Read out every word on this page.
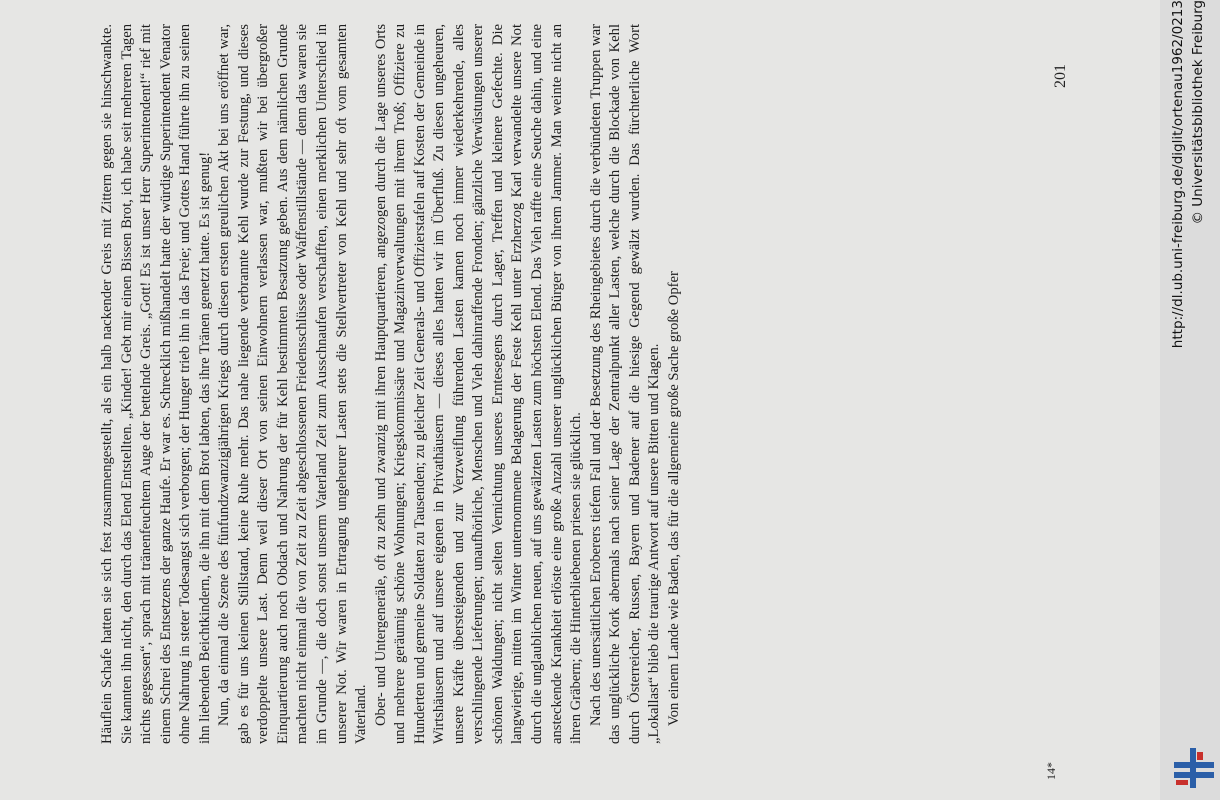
Häuflein Schafe hatten sie sich fest zusammengestellt, als ein halb nackender Greis mit Zittern gegen sie hinschwankte. Sie kannten ihn nicht, den durch das Elend Entstellten. „Kinder! Gebt mir einen Bissen Brot, ich habe seit mehreren Tagen nichts gegessen“, sprach mit tränenfeuchtem Auge der bettelnde Greis. „Gott! Es ist unser Herr Superintendent!“ rief mit einem Schrei des Entsetzens der ganze Haufe. Er war es. Schrecklich mißhandelt hatte der würdige Superintendent Venator ohne Nahrung in steter Todesangst sich verborgen; der Hunger trieb ihn in das Freie; und Gottes Hand führte ihn zu seinen ihn liebenden Beichtkindern, die ihn mit dem Brot labten, das ihre Tränen genetzt hatte. Es ist genug! Nun, da einmal die Szene des fünfundzwanzigjährigen Kriegs durch diesen ersten greulichen Akt bei uns eröffnet war, gab es für uns keinen Stillstand, keine Ruhe mehr. Das nahe liegende verbrannte Kehl wurde zur Festung, und dieses verdoppelte unsere Last. Denn weil dieser Ort von seinen Einwohnern verlassen war, mußten wir bei übergroßer Einquartierung auch noch Obdach und Nahrung der für Kehl bestimmten Besatzung geben. Aus dem nämlichen Grunde machten nicht einmal die von Zeit zu Zeit abgeschlossenen Friedensschlüsse oder Waffenstillstände — denn das waren sie im Grunde —, die doch sonst unserm Vaterland Zeit zum Ausschnaufen verschafften, einen merklichen Unterschied in unserer Not. Wir waren in Ertragung ungeheurer Lasten stets die Stellvertreter von Kehl und sehr oft vom gesamten Vaterland. Ober- und Untergeneräle, oft zu zehn und zwanzig mit ihren Hauptquartieren, angezogen durch die Lage unseres Orts und mehrere geräumig schöne Wohnungen; Kriegskommissäre und Magazinverwaltungen mit ihrem Troß; Offiziere zu Hunderten und gemeine Soldaten zu Tausenden; zu gleicher Zeit Generals- und Offizierstafeln auf Kosten der Gemeinde in Wirtshäusern und auf unsere eigenen in Privathäusern — dieses alles hatten wir im Überfluß. Zu diesen ungeheuren, unsere Kräfte übersteigenden und zur Verzweiflung führenden Lasten kamen noch immer wiederkehrende, alles verschlingende Lieferungen; unaufhörliche, Menschen und Vieh dahinraffende Fronden; gänzliche Verwüstungen unserer schönen Waldungen; nicht selten Vernichtung unseres Erntesegens durch Lager, Treffen und kleinere Gefechte. Die langwierige, mitten im Winter unternommene Belagerung der Feste Kehl unter Erzherzog Karl verwandelte unsere Not durch die unglaublichen neuen, auf uns gewälzten Lasten zum höchsten Elend. Das Vieh raffte eine Seuche dahin, und eine ansteckende Krankheit erlöste eine große Anzahl unserer unglücklichen Bürger von ihrem Jammer. Man weinte nicht an ihren Gräbern; die Hinterbliebenen priesen sie glücklich. Nach des unersättlichen Eroberers tiefem Fall und der Besetzung des Rheingebietes durch die verbündeten Truppen war das unglückliche Kork abermals nach seiner Lage der Zentralpunkt aller Lasten, welche durch die Blockade von Kehl durch Österreicher, Russen, Bayern und Badener auf die hiesige Gegend gewälzt wurden. Das fürchterliche Wort „Lokallast“ blieb die traurige Antwort auf unsere Bitten und Klagen. Von einem Lande wie Baden, das für die allgemeine große Sache große Opfer

14*
201	http://dl.ub.uni-freiburg.de/diglit/ortenau1962/0213 © Universitätsbibliothek Freiburg
